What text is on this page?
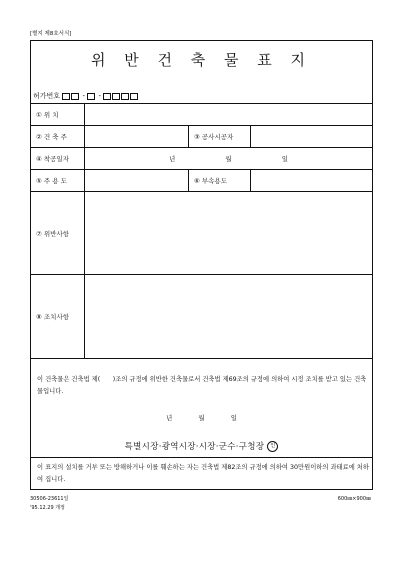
[별지 제8호서식]
위 반 건 축 물 표 지
허가번호	- -
① 위 치			
② 건 축 주		③ 공사시공자	
④ 착공일자	년 월 일		
⑤ 주 용 도		⑥ 부속용도	
⑦ 위반사항			
⑧ 조치사항			
이 건축물은 건축법 제(　　)조의 규정에 위반한 건축물로서 건축법 제69조의 규정에 의하여 시정 조치를 받고 있는 건축물입니다.
년	월	일
특별시장·광역시장·시장·군수·구청장 인
이 표지의 설치를 거부 또는 방해하거나 이를 훼손하는 자는 건축법 제82조의 규정에 의하여 30만원이하의 과태료에 처하여 집니다.
30506-23611일
'95.12.29 개정
600㎜×900㎜
